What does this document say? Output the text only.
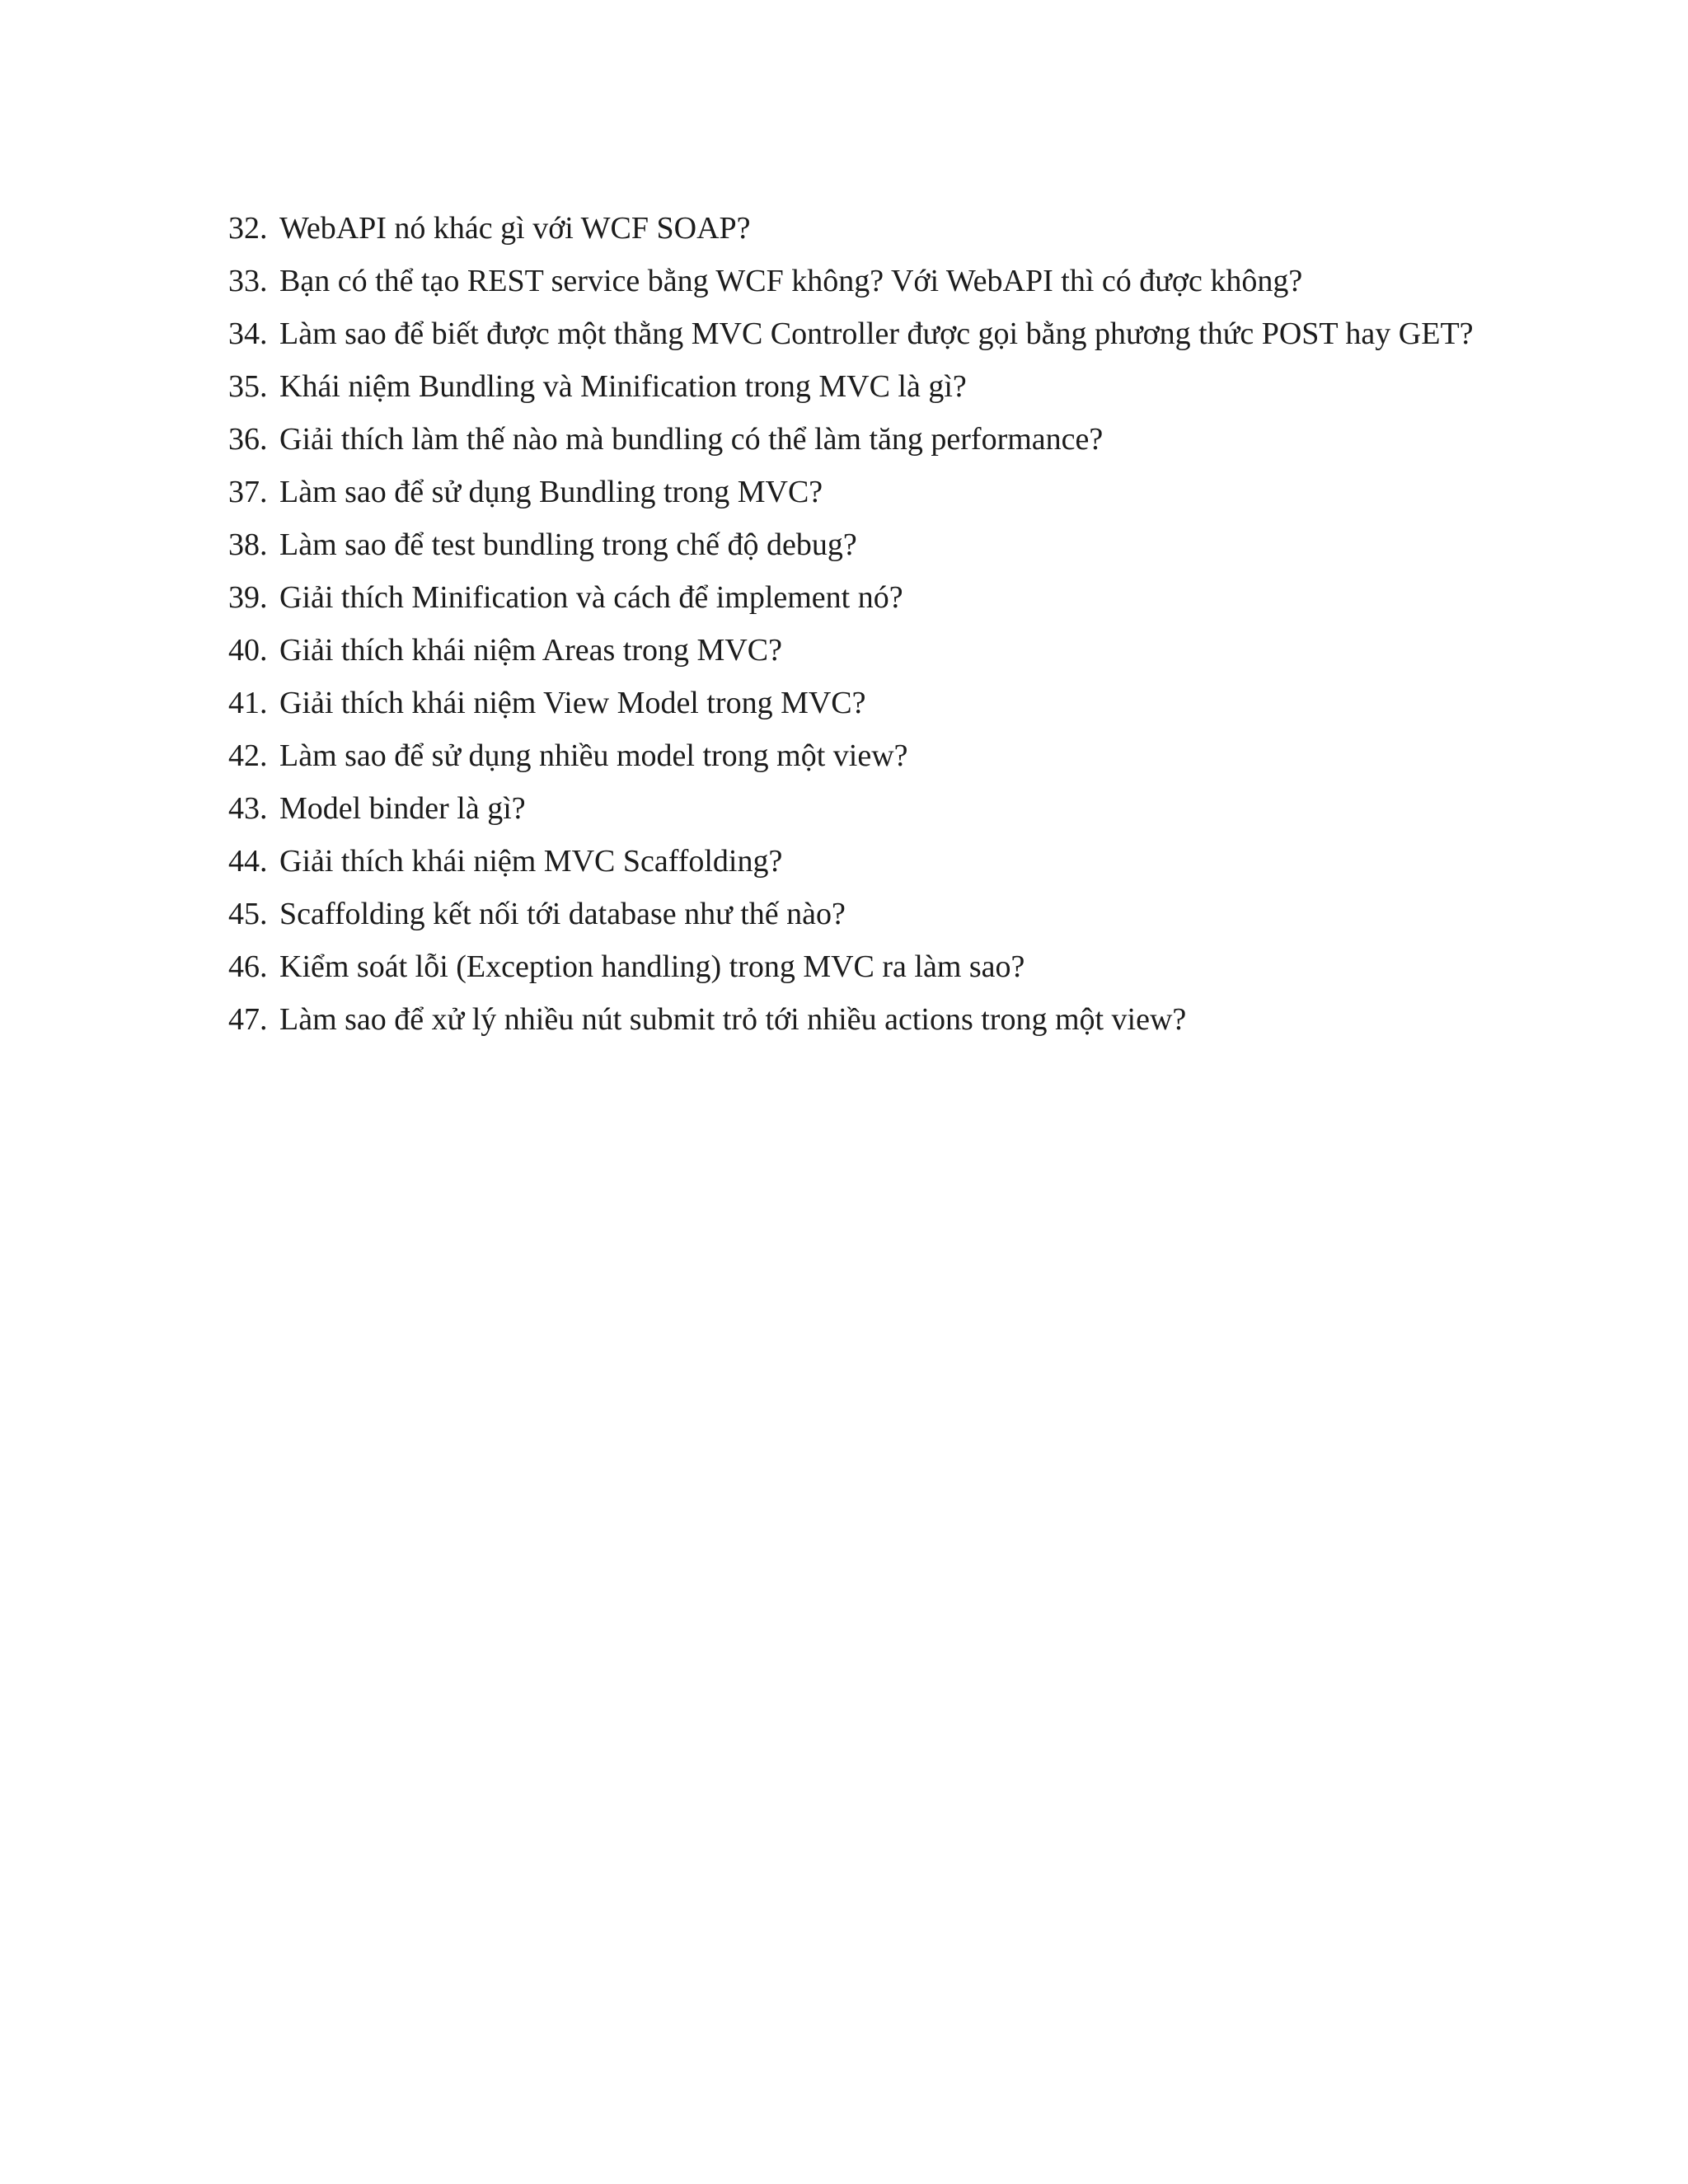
32. WebAPI nó khác gì với WCF SOAP?
33. Bạn có thể tạo REST service bằng WCF không? Với WebAPI thì có được không?
34. Làm sao để biết được một thằng MVC Controller được gọi bằng phương thức POST hay GET?
35. Khái niệm Bundling và Minification trong MVC là gì?
36. Giải thích làm thế nào mà bundling có thể làm tăng performance?
37. Làm sao để sử dụng Bundling trong MVC?
38. Làm sao để test bundling trong chế độ debug?
39. Giải thích Minification và cách để implement nó?
40. Giải thích khái niệm Areas trong MVC?
41. Giải thích khái niệm View Model trong MVC?
42. Làm sao để sử dụng nhiều model trong một view?
43. Model binder là gì?
44. Giải thích khái niệm MVC Scaffolding?
45. Scaffolding kết nối tới database như thế nào?
46. Kiểm soát lỗi (Exception handling) trong MVC ra làm sao?
47. Làm sao để xử lý nhiều nút submit trỏ tới nhiều actions trong một view?
